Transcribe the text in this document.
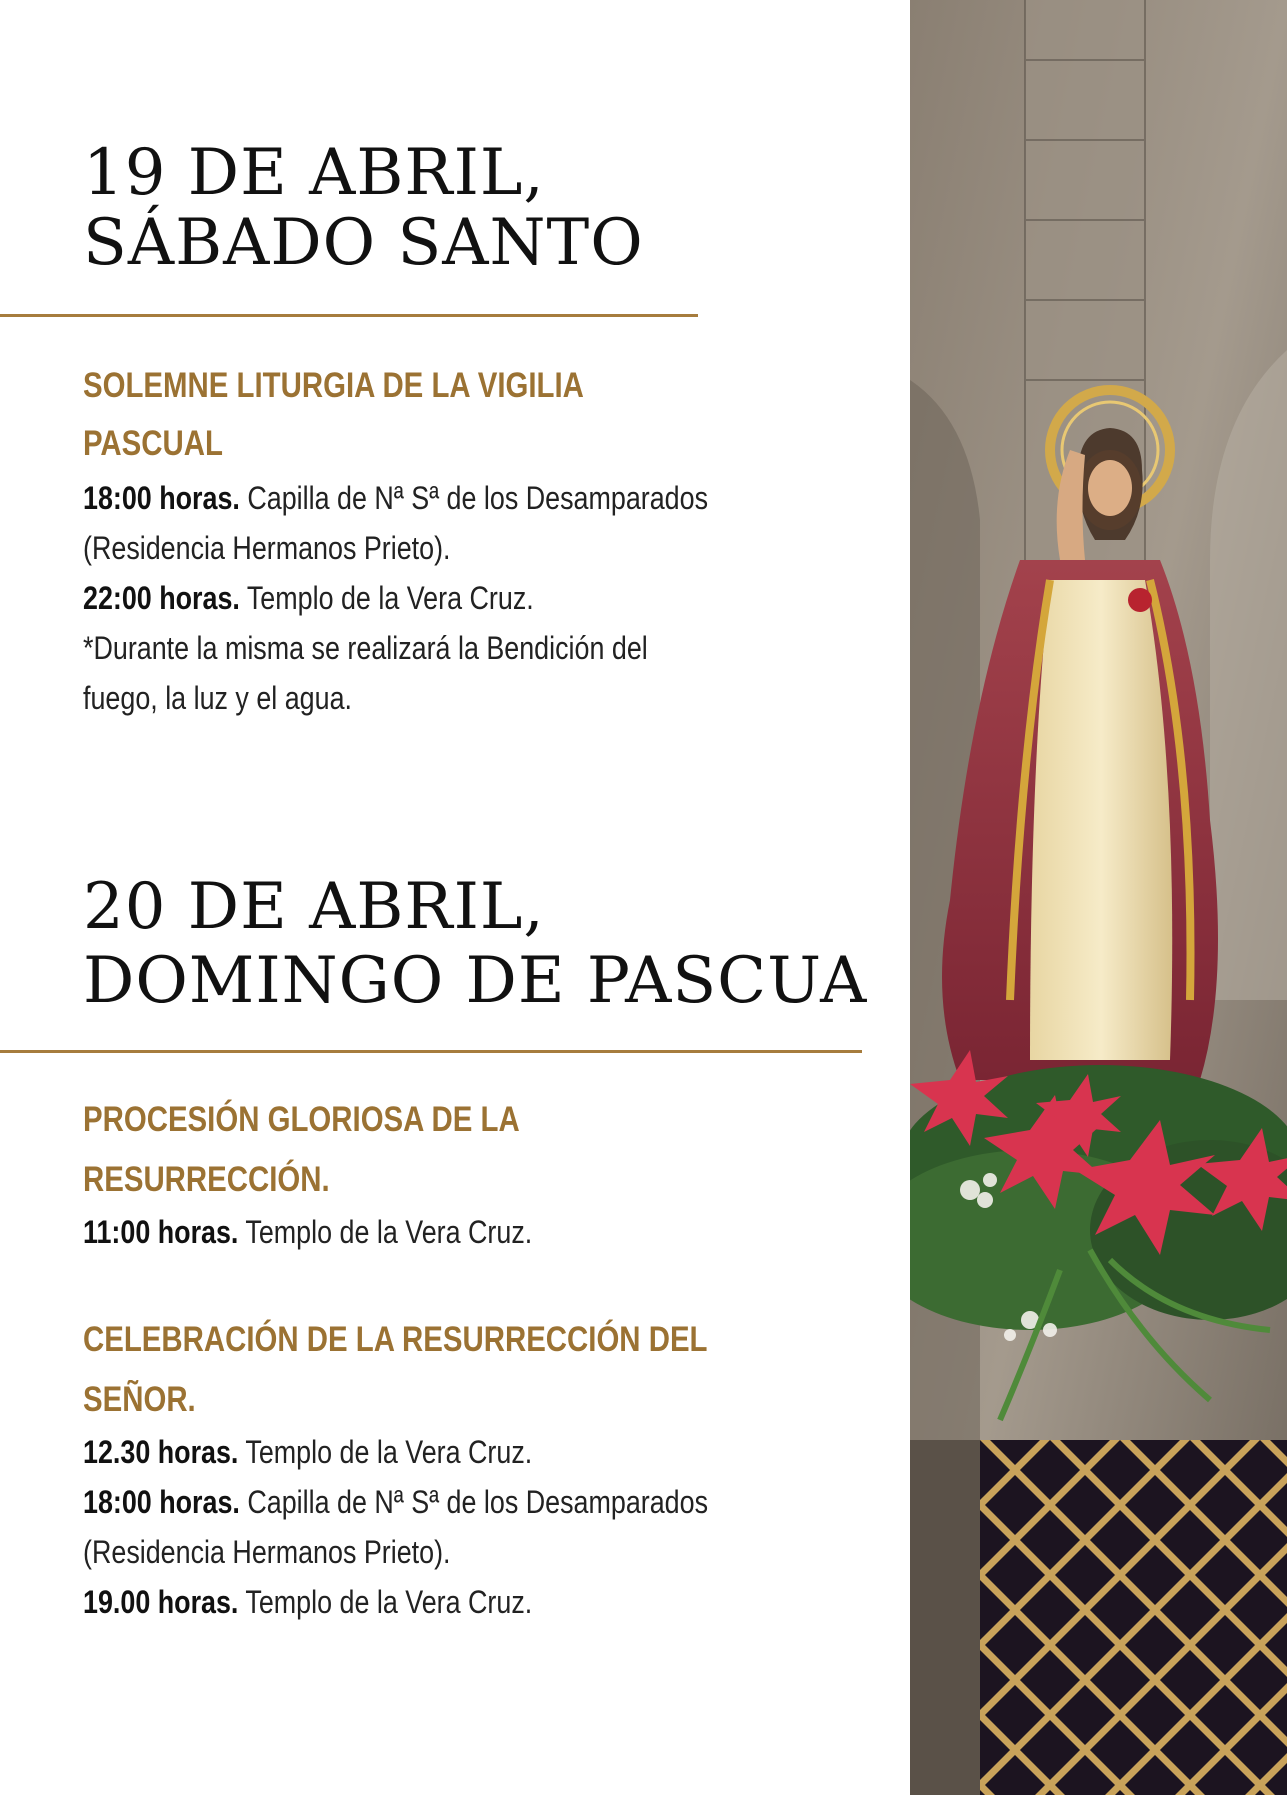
19 DE ABRIL,
SÁBADO SANTO
SOLEMNE LITURGIA DE LA VIGILIA
PASCUAL

18:00 horas. Capilla de Nª Sª de los Desamparados

(Residencia Hermanos Prieto).

22:00 horas. Templo de la Vera Cruz.

*Durante la misma se realizará la Bendición del

fuego, la luz y el agua.

20 DE ABRIL,
DOMINGO DE PASCUA
PROCESIÓN GLORIOSA DE LA
RESURRECCIÓN.

11:00 horas. Templo de la Vera Cruz.

CELEBRACIÓN DE LA RESURRECCIÓN DEL
SEÑOR.

12.30 horas. Templo de la Vera Cruz.

18:00 horas. Capilla de Nª Sª de los Desamparados

(Residencia Hermanos Prieto).

19.00 horas. Templo de la Vera Cruz.
